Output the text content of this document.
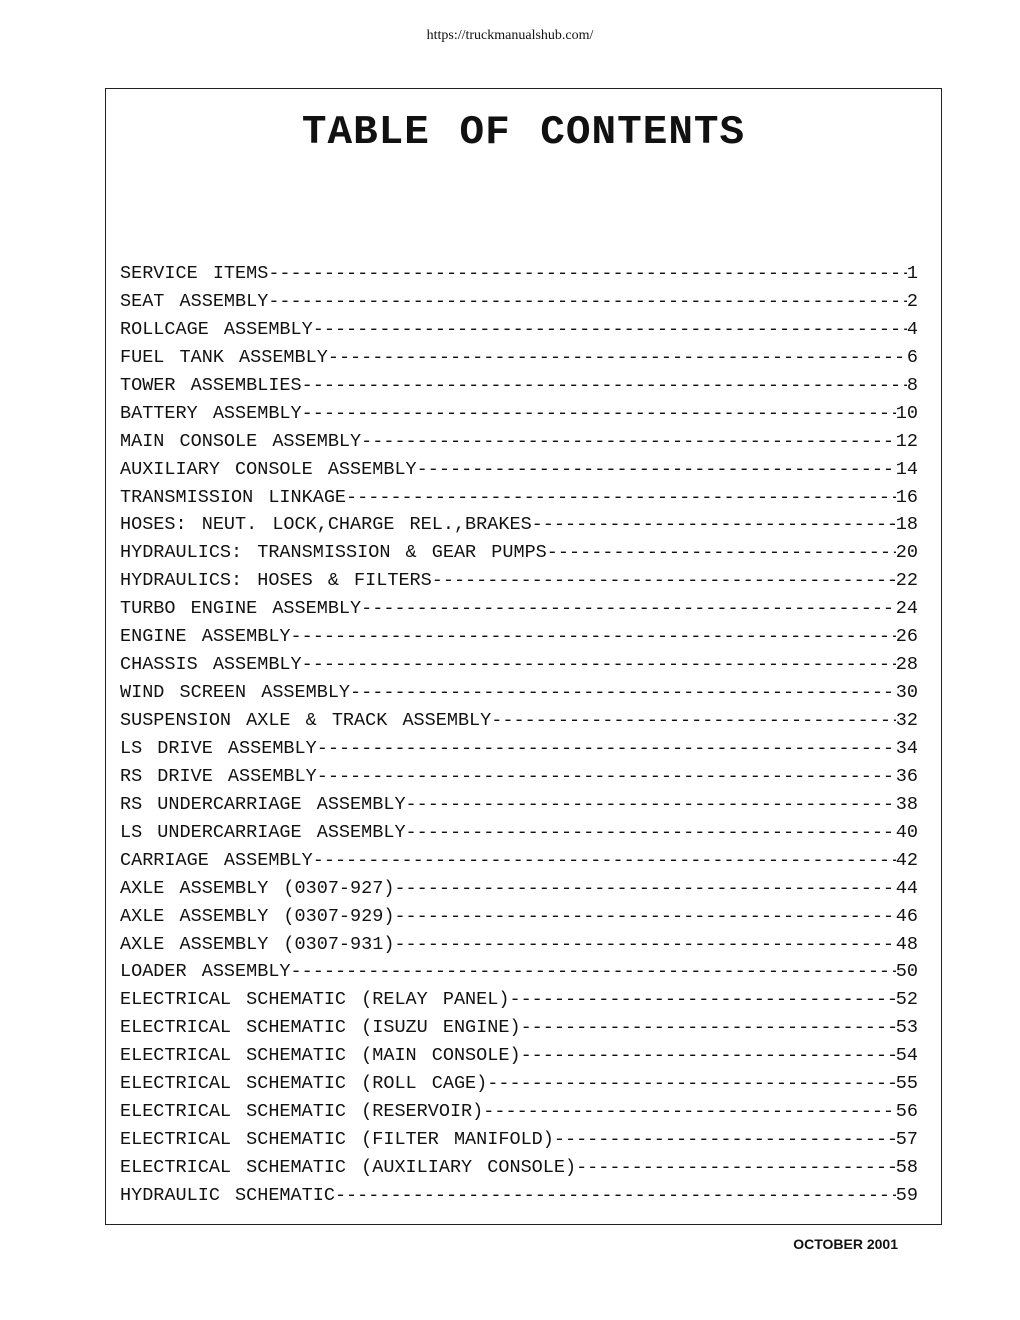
https://truckmanualshub.com/
TABLE OF CONTENTS
SERVICE ITEMS -----	1
SEAT ASSEMBLY -----	2
ROLLCAGE ASSEMBLY -----	4
FUEL TANK ASSEMBLY -----	6
TOWER ASSEMBLIES -----	8
BATTERY ASSEMBLY -----	10
MAIN CONSOLE ASSEMBLY -----	12
AUXILIARY CONSOLE ASSEMBLY -----	14
TRANSMISSION LINKAGE -----	16
HOSES: NEUT. LOCK,CHARGE REL.,BRAKES -----	18
HYDRAULICS: TRANSMISSION & GEAR PUMPS -----	20
HYDRAULICS: HOSES & FILTERS -----	22
TURBO ENGINE ASSEMBLY -----	24
ENGINE ASSEMBLY -----	26
CHASSIS ASSEMBLY -----	28
WIND SCREEN ASSEMBLY -----	30
SUSPENSION AXLE & TRACK ASSEMBLY -----	32
LS DRIVE ASSEMBLY -----	34
RS DRIVE ASSEMBLY -----	36
RS UNDERCARRIAGE ASSEMBLY -----	38
LS UNDERCARRIAGE ASSEMBLY -----	40
CARRIAGE ASSEMBLY -----	42
AXLE ASSEMBLY (0307-927) -----	44
AXLE ASSEMBLY (0307-929) -----	46
AXLE ASSEMBLY (0307-931) -----	48
LOADER ASSEMBLY -----	50
ELECTRICAL SCHEMATIC (RELAY PANEL) -----	52
ELECTRICAL SCHEMATIC (ISUZU ENGINE) -----	53
ELECTRICAL SCHEMATIC (MAIN CONSOLE) -----	54
ELECTRICAL SCHEMATIC (ROLL CAGE) -----	55
ELECTRICAL SCHEMATIC (RESERVOIR) -----	56
ELECTRICAL SCHEMATIC (FILTER MANIFOLD) -----	57
ELECTRICAL SCHEMATIC (AUXILIARY CONSOLE) -----	58
HYDRAULIC SCHEMATIC -----	59
OCTOBER 2001
